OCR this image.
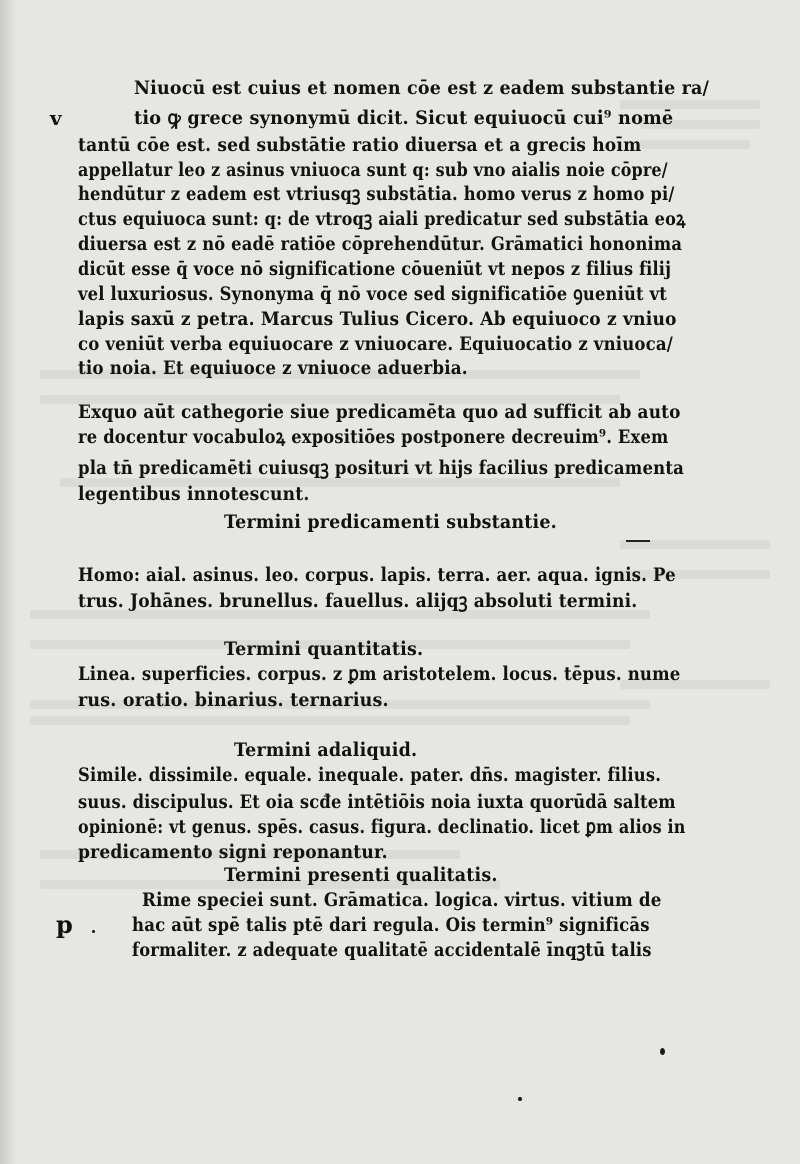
v
p
Niuocū est cuius et nomen cōe est z eadem substantie ra/
tio ꝙ grece synonymū dicit. Sicut equiuocū cui⁹ nomē
tantū cōe est. sed substātie ratio diuersa et a grecis hoīm
appellatur leo z asinus vniuoca sunt q: sub vno aialis noie cōpre/
hendūtur z eadem est vtriusqꝫ substātia. homo verus z homo pi/
ctus equiuoca sunt: q: de vtroqꝫ aiali predicatur sed substātia eoꝝ
diuersa est z nō eadē ratiōe cōprehendūtur. Grāmatici hononima
dicūt esse q̄ voce nō significatione cōueniūt vt nepos z filius filij
vel luxuriosus. Synonyma q̄ nō voce sed significatiōe ꝯueniūt vt
lapis saxū z petra. Marcus Tulius Cicero. Ab equiuoco z vniuo
co veniūt verba equiuocare z vniuocare. Equiuocatio z vniuoca/
tio noia. Et equiuoce z vniuoce aduerbia.
Exquo aūt cathegorie siue predicamēta quo ad sufficit ab auto
re docentur vocabuloꝝ expositiōes postponere decreuim⁹. Exem
pla tn̄ predicamēti cuiusqꝫ posituri vt hijs facilius predicamenta
legentibus innotescunt.
Termini predicamenti substantie.
Homo: aial. asinus. leo. corpus. lapis. terra. aer. aqua. ignis. Pe
trus. Johānes. brunellus. fauellus. alijqꝫ absoluti termini.
Termini quantitatis.
Linea. superficies. corpus. z ꝑm aristotelem. locus. tēpus. nume
rus. oratio. binarius. ternarius.
Termini adaliquid.
Simile. dissimile. equale. inequale. pater. dn̄s. magister. filius.
suus. discipulus. Et oia scđe intētiōis noia iuxta quorūdā saltem
opinionē: vt genus. spēs. casus. figura. declinatio. licet ꝑm alios in
predicamento signi reponantur.
Termini presenti qualitatis.
Rime speciei sunt. Grāmatica. logica. virtus. vitium de
hac aūt spē talis ptē dari regula. Ois termin⁹ significās
formaliter. z adequate qualitatē accidentalē īnqꝫtū talis
